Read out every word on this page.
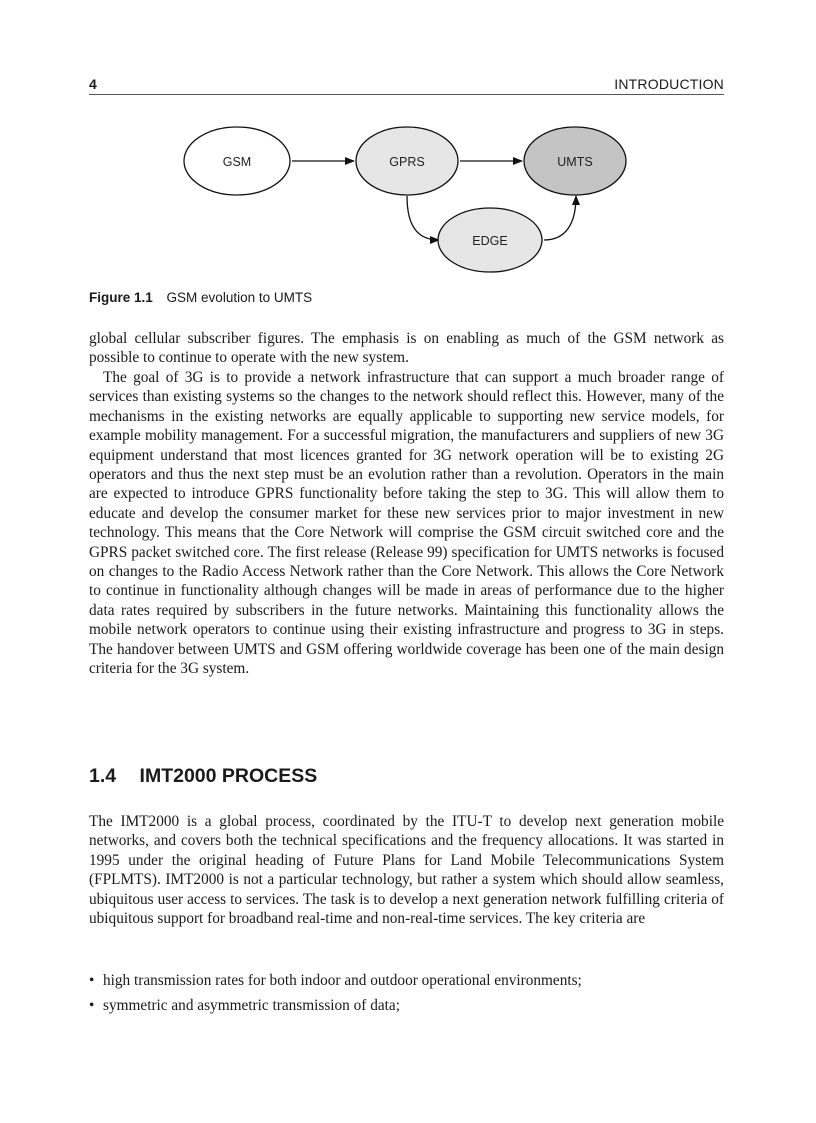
4	INTRODUCTION
GSM	GPRS	UMTS
EDGE
Figure 1.1 GSM evolution to UMTS

global cellular subscriber figures. The emphasis is on enabling as much of the GSM network as possible to continue to operate with the new system.

The goal of 3G is to provide a network infrastructure that can support a much broader range of services than existing systems so the changes to the network should reflect this. However, many of the mechanisms in the existing networks are equally applicable to supporting new service models, for example mobility management. For a successful migration, the manufacturers and suppliers of new 3G equipment understand that most licences granted for 3G network operation will be to existing 2G operators and thus the next step must be an evolution rather than a revolution. Operators in the main are expected to introduce GPRS functionality before taking the step to 3G. This will allow them to educate and develop the consumer market for these new services prior to major investment in new technology. This means that the Core Network will comprise the GSM circuit switched core and the GPRS packet switched core. The first release (Release 99) specification for UMTS networks is focused on changes to the Radio Access Network rather than the Core Network. This allows the Core Network to continue in functionality although changes will be made in areas of performance due to the higher data rates required by subscribers in the future networks. Maintaining this functionality allows the mobile network operators to continue using their existing infrastructure and progress to 3G in steps. The handover between UMTS and GSM offering worldwide coverage has been one of the main design criteria for the 3G system.

1.4 IMT2000 PROCESS

The IMT2000 is a global process, coordinated by the ITU-T to develop next generation mobile networks, and covers both the technical specifications and the frequency allocations. It was started in 1995 under the original heading of Future Plans for Land Mobile Telecommunications System (FPLMTS). IMT2000 is not a particular technology, but rather a system which should allow seamless, ubiquitous user access to services. The task is to develop a next generation network fulfilling criteria of ubiquitous support for broadband real-time and non-real-time services. The key criteria are

• high transmission rates for both indoor and outdoor operational environments;
• symmetric and asymmetric transmission of data;
